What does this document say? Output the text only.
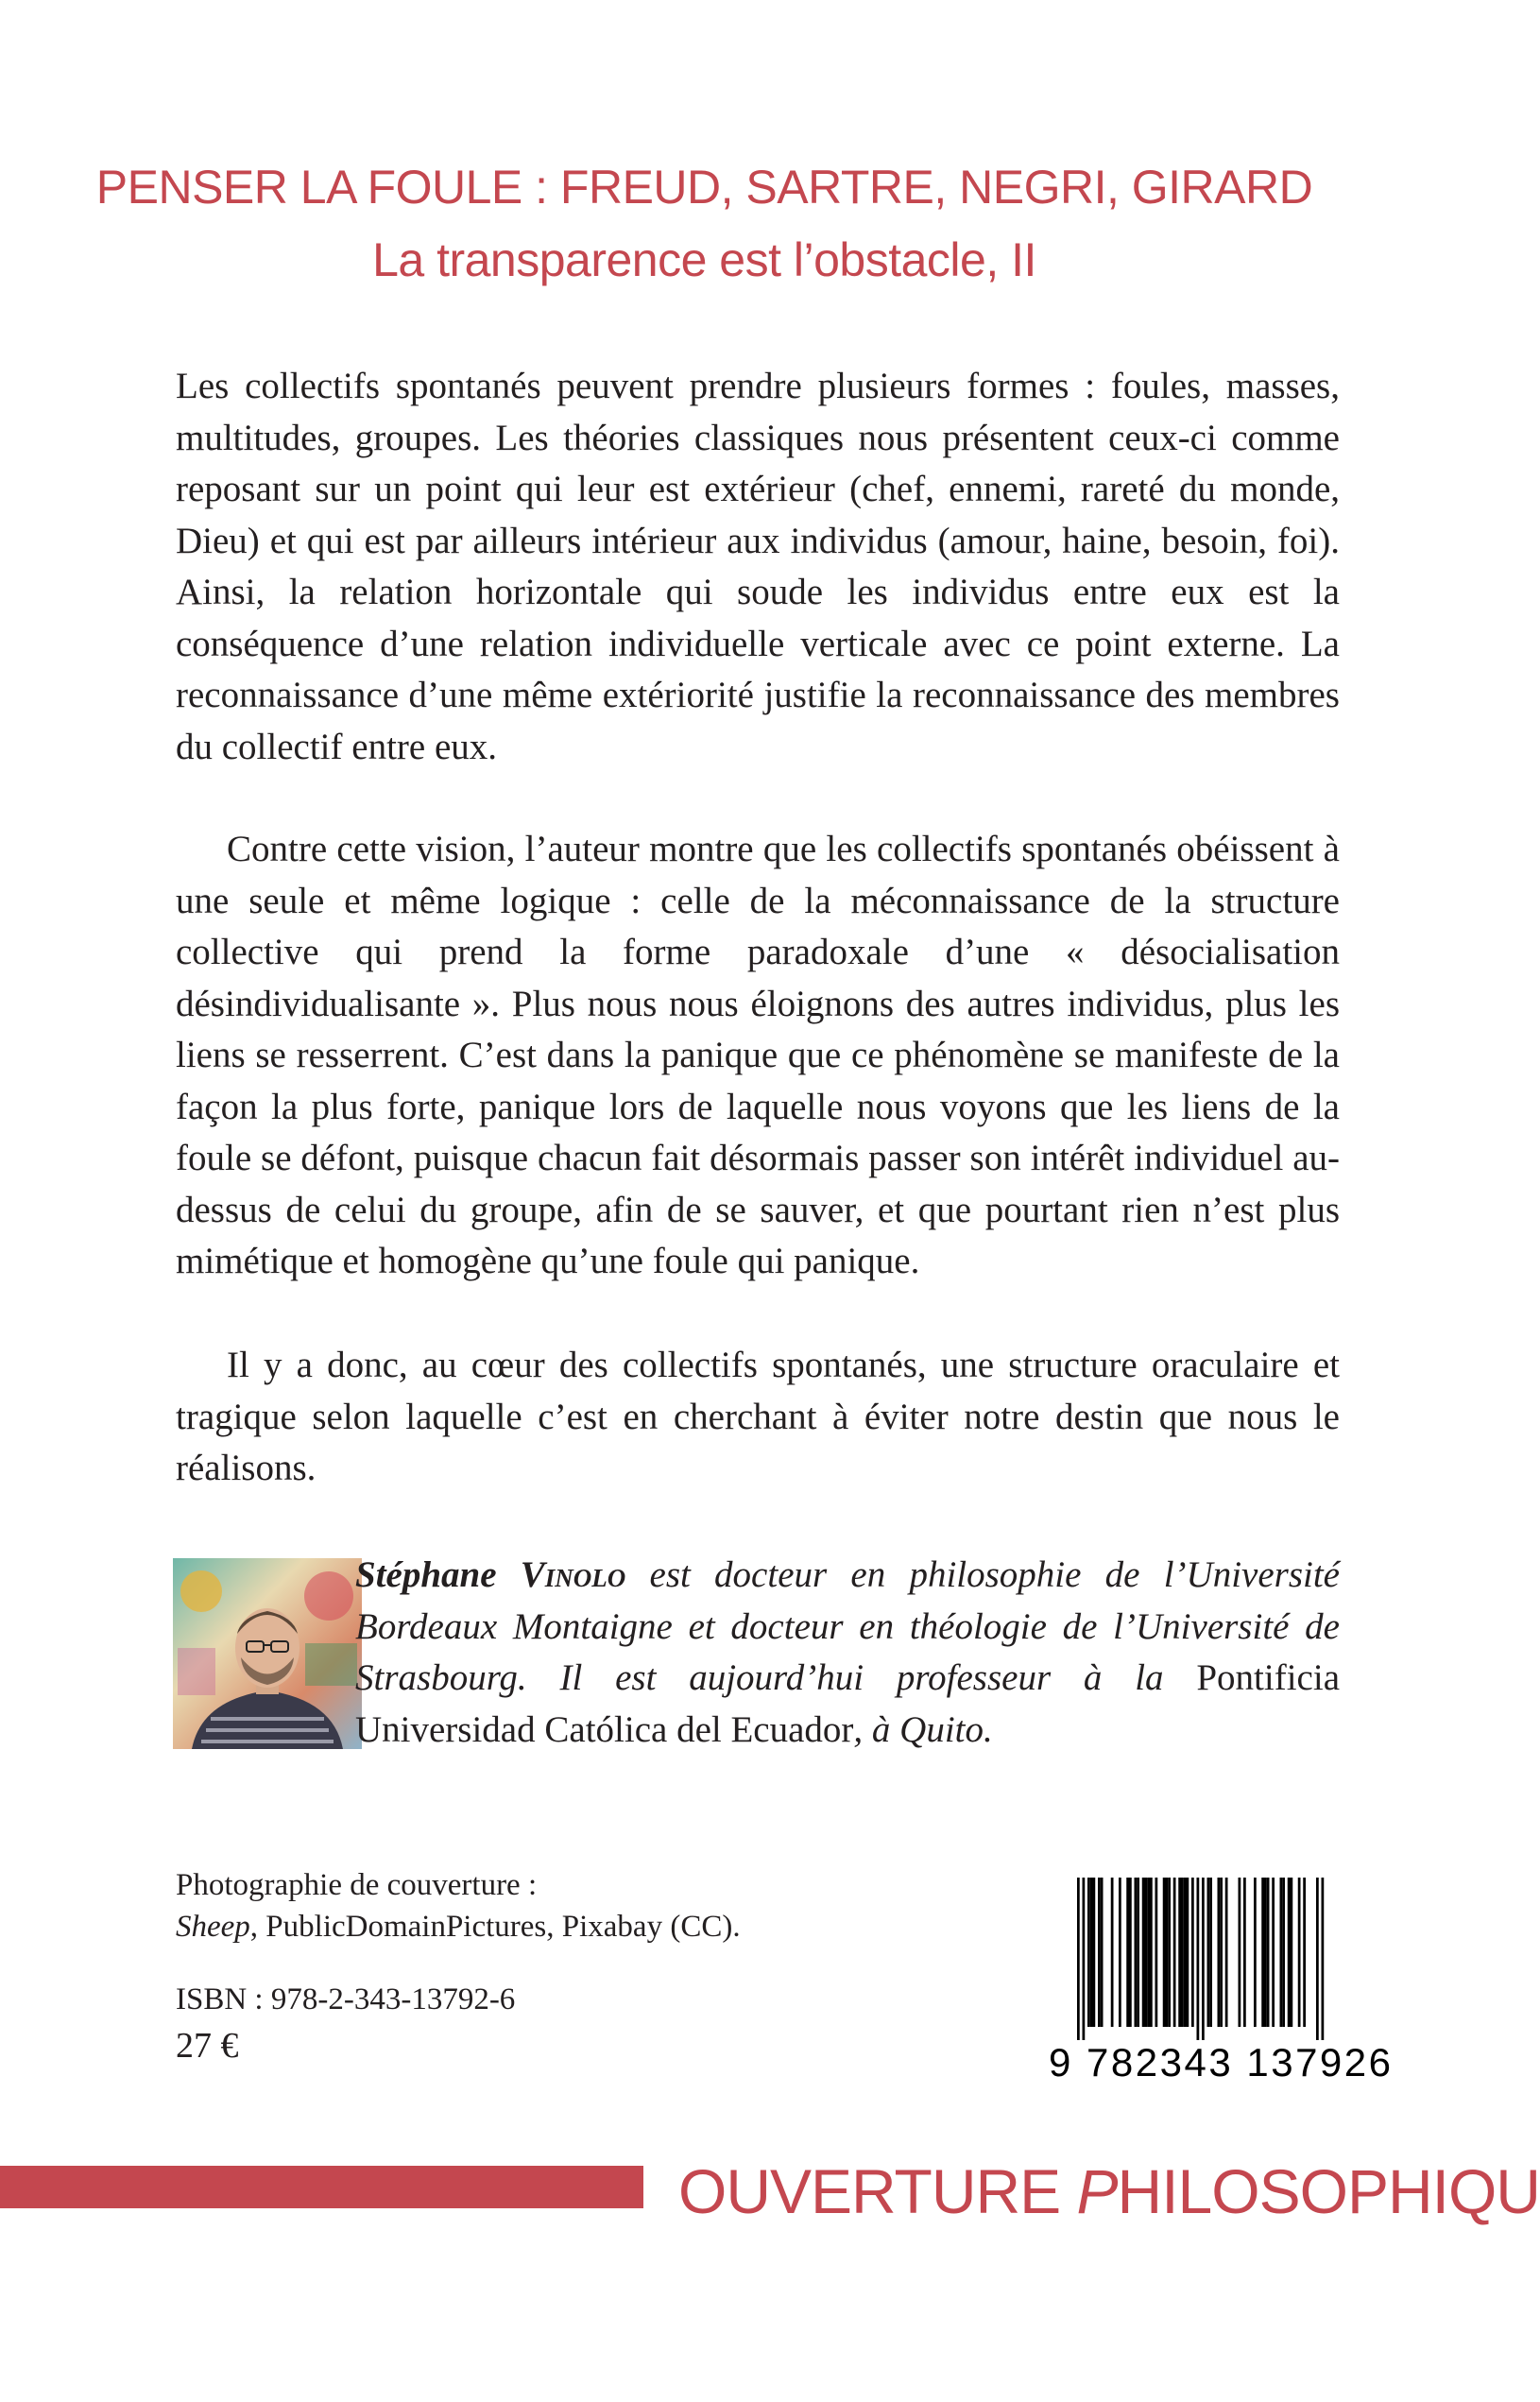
PENSER LA FOULE : FREUD, SARTRE, NEGRI, GIRARD
La transparence est l’obstacle, II

Les collectifs spontanés peuvent prendre plusieurs formes : foules, masses, multitudes, groupes. Les théories classiques nous présentent ceux-ci comme reposant sur un point qui leur est extérieur (chef, ennemi, rareté du monde, Dieu) et qui est par ailleurs intérieur aux individus (amour, haine, besoin, foi). Ainsi, la relation horizontale qui soude les individus entre eux est la conséquence d’une relation individuelle verticale avec ce point externe. La reconnaissance d’une même extériorité justifie la reconnaissance des membres du collectif entre eux.

Contre cette vision, l’auteur montre que les collectifs spontanés obéissent à une seule et même logique : celle de la méconnaissance de la structure collective qui prend la forme paradoxale d’une « désocialisation désindividualisante ». Plus nous nous éloignons des autres individus, plus les liens se resserrent. C’est dans la panique que ce phénomène se manifeste de la façon la plus forte, panique lors de laquelle nous voyons que les liens de la foule se défont, puisque chacun fait désormais passer son intérêt individuel au-dessus de celui du groupe, afin de se sauver, et que pourtant rien n’est plus mimétique et homogène qu’une foule qui panique.

Il y a donc, au cœur des collectifs spontanés, une structure oraculaire et tragique selon laquelle c’est en cherchant à éviter notre destin que nous le réalisons.

Stéphane Vinolo est docteur en philosophie de l’Université Bordeaux Montaigne et docteur en théologie de l’Université de Strasbourg. Il est aujourd’hui professeur à la Pontificia Universidad Católica del Ecuador, à Quito.
Photographie de couverture :
Sheep, PublicDomainPictures, Pixabay (CC).
ISBN : 978-2-343-13792-6
27 €	9 782343 137926
OUVERTURE PHILOSOPHIQU
